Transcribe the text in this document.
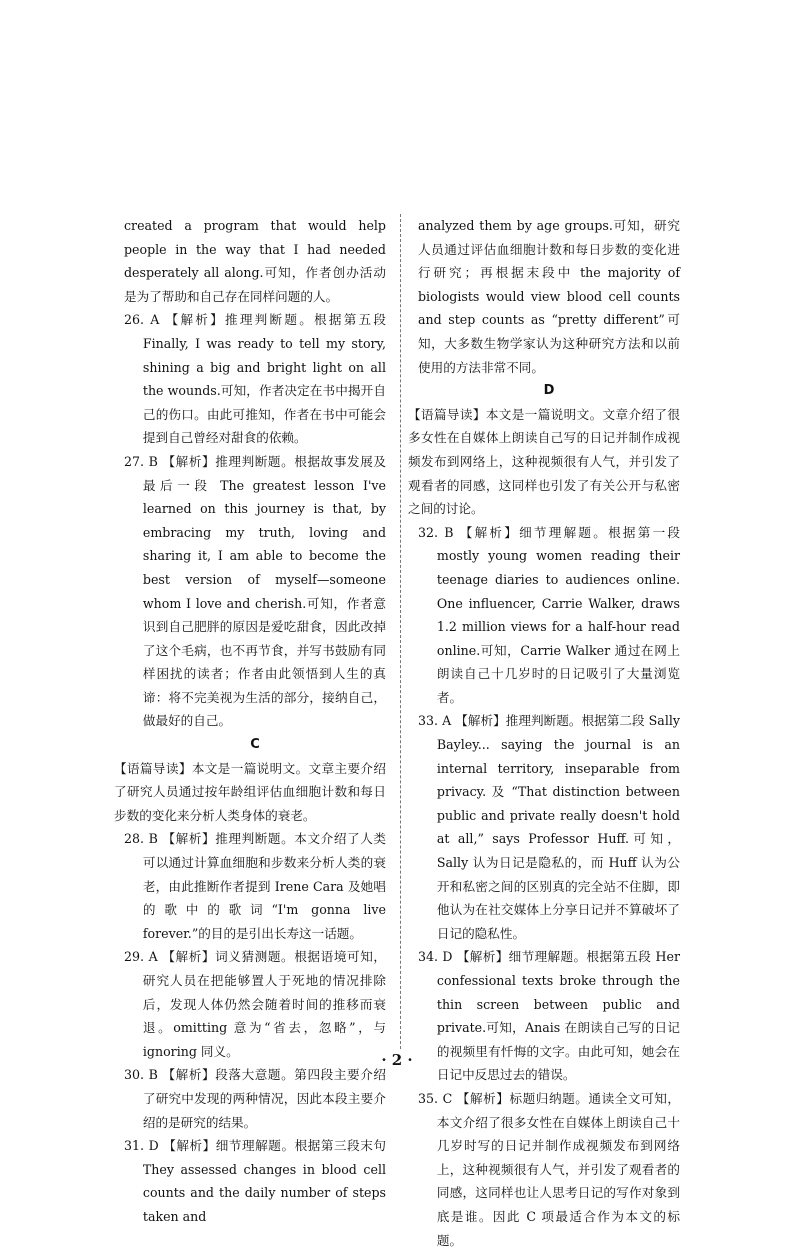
created a program that would help people in the way that I had needed desperately all along.可知，作者创办活动是为了帮助和自己存在同样问题的人。

26. A 【解析】推理判断题。根据第五段 Finally, I was ready to tell my story, shining a big and bright light on all the wounds.可知，作者决定在书中揭开自己的伤口。由此可推知，作者在书中可能会提到自己曾经对甜食的依赖。

27. B 【解析】推理判断题。根据故事发展及最后一段 The greatest lesson I've learned on this journey is that, by embracing my truth, loving and sharing it, I am able to become the best version of myself—someone whom I love and cherish.可知，作者意识到自己肥胖的原因是爱吃甜食，因此改掉了这个毛病，也不再节食，并写书鼓励有同样困扰的读者；作者由此领悟到人生的真谛：将不完美视为生活的部分，接纳自己，做最好的自己。

C

【语篇导读】本文是一篇说明文。文章主要介绍了研究人员通过按年龄组评估血细胞计数和每日步数的变化来分析人类身体的衰老。

28. B 【解析】推理判断题。本文介绍了人类可以通过计算血细胞和步数来分析人类的衰老，由此推断作者提到 Irene Cara 及她唱的歌中的歌词“I'm gonna live forever.”的目的是引出长寿这一话题。

29. A 【解析】词义猜测题。根据语境可知，研究人员在把能够置人于死地的情况排除后，发现人体仍然会随着时间的推移而衰退。omitting 意为“省去，忽略”，与 ignoring 同义。

30. B 【解析】段落大意题。第四段主要介绍了研究中发现的两种情况，因此本段主要介绍的是研究的结果。

31. D 【解析】细节理解题。根据第三段末句 They assessed changes in blood cell counts and the daily number of steps taken and

analyzed them by age groups.可知，研究人员通过评估血细胞计数和每日步数的变化进行研究；再根据末段中 the majority of biologists would view blood cell counts and step counts as “pretty different”可知，大多数生物学家认为这种研究方法和以前使用的方法非常不同。

D

【语篇导读】本文是一篇说明文。文章介绍了很多女性在自媒体上朗读自己写的日记并制作成视频发布到网络上，这种视频很有人气，并引发了观看者的同感，这同样也引发了有关公开与私密之间的讨论。

32. B 【解析】细节理解题。根据第一段 mostly young women reading their teenage diaries to audiences online. One influencer, Carrie Walker, draws 1.2 million views for a half-hour read online.可知，Carrie Walker 通过在网上朗读自己十几岁时的日记吸引了大量浏览者。

33. A 【解析】推理判断题。根据第二段 Sally Bayley... saying the journal is an internal territory, inseparable from privacy. 及 “That distinction between public and private really doesn't hold at all,” says Professor Huff.可知，Sally 认为日记是隐私的，而 Huff 认为公开和私密之间的区别真的完全站不住脚，即他认为在社交媒体上分享日记并不算破坏了日记的隐私性。

34. D 【解析】细节理解题。根据第五段 Her confessional texts broke through the thin screen between public and private.可知，Anais 在朗读自己写的日记的视频里有忏悔的文字。由此可知，她会在日记中反思过去的错误。

35. C 【解析】标题归纳题。通读全文可知，本文介绍了很多女性在自媒体上朗读自己十几岁时写的日记并制作成视频发布到网络上，这种视频很有人气，并引发了观看者的同感，这同样也让人思考日记的写作对象到底是谁。因此 C 项最适合作为本文的标题。

· 2 ·
